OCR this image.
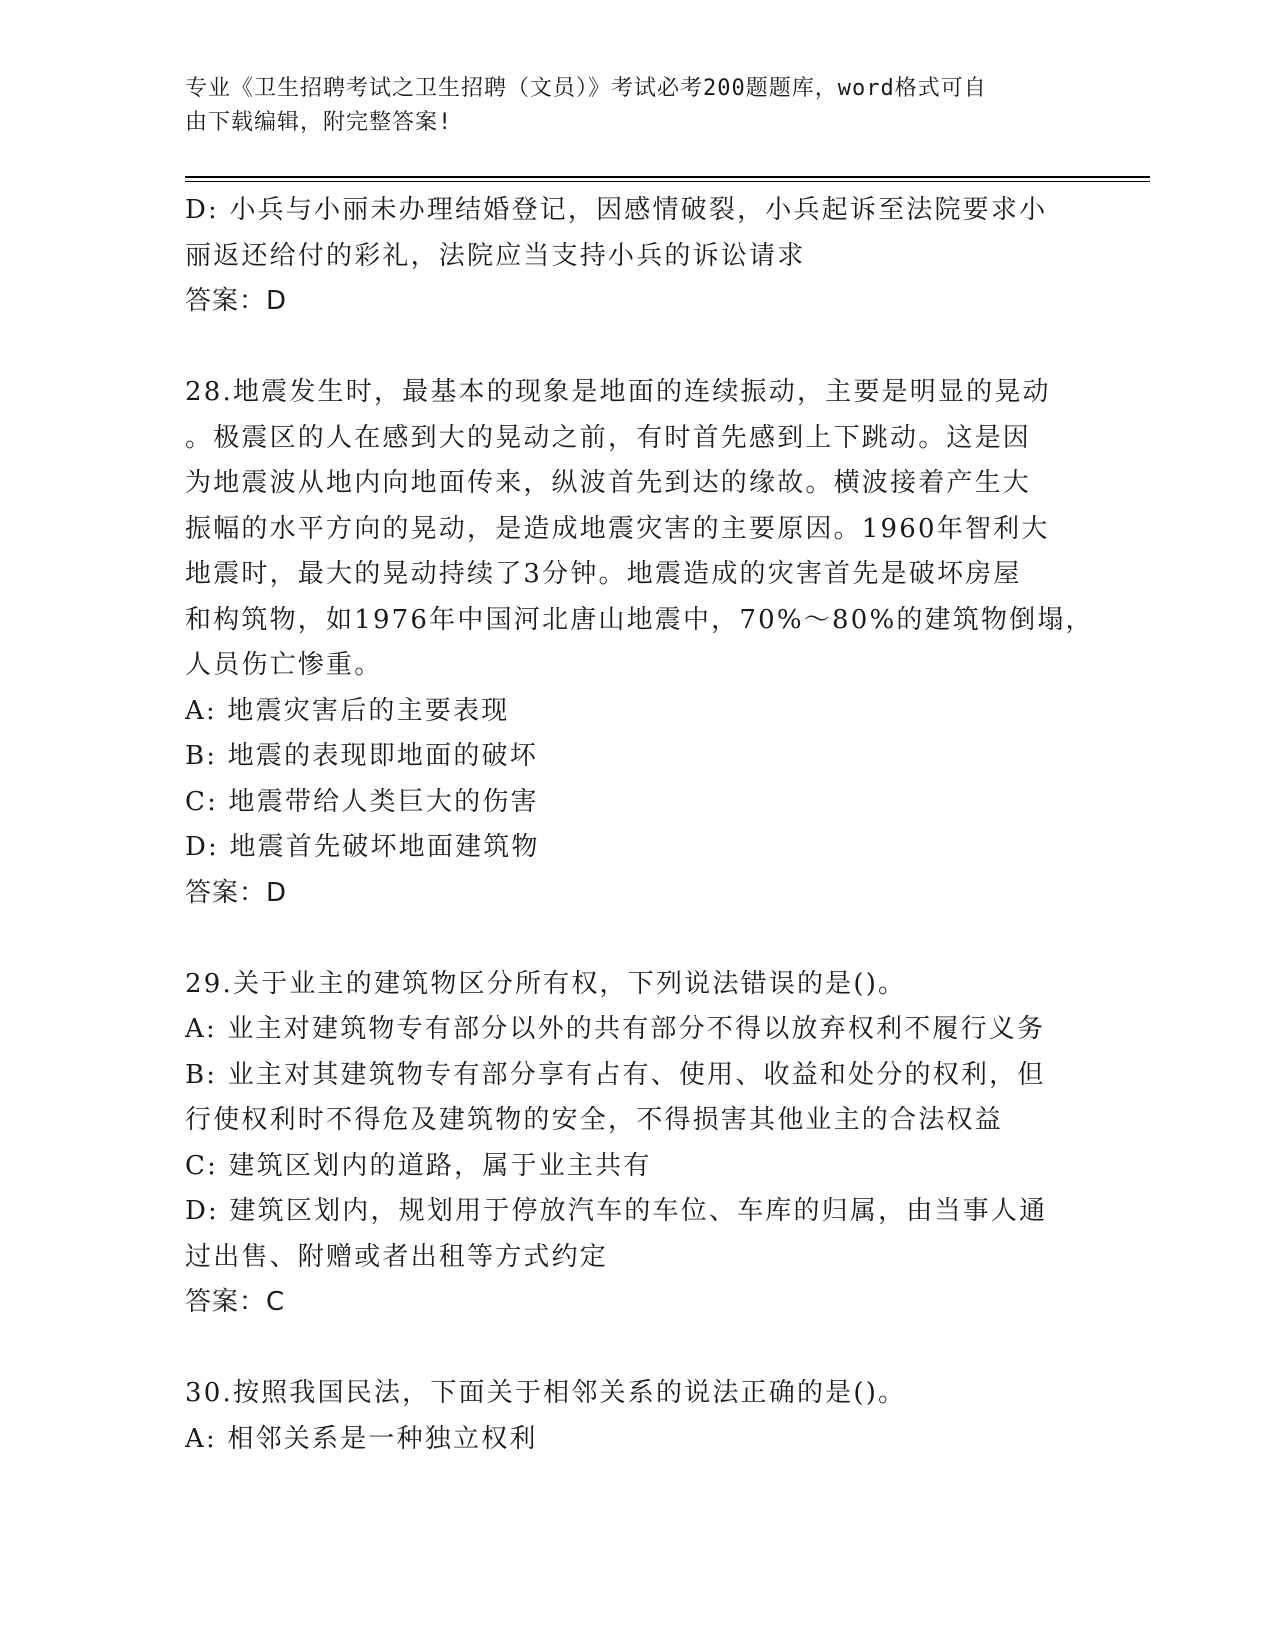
专业《卫生招聘考试之卫生招聘（文员）》考试必考200题题库，word格式可自
由下载编辑，附完整答案!
D: 小兵与小丽未办理结婚登记，因感情破裂，小兵起诉至法院要求小
丽返还给付的彩礼，法院应当支持小兵的诉讼请求
答案：D
28.地震发生时，最基本的现象是地面的连续振动，主要是明显的晃动
。极震区的人在感到大的晃动之前，有时首先感到上下跳动。这是因
为地震波从地内向地面传来，纵波首先到达的缘故。横波接着产生大
振幅的水平方向的晃动，是造成地震灾害的主要原因。1960年智利大
地震时，最大的晃动持续了3分钟。地震造成的灾害首先是破坏房屋
和构筑物，如1976年中国河北唐山地震中，70%～80%的建筑物倒塌，
人员伤亡惨重。
A: 地震灾害后的主要表现
B: 地震的表现即地面的破坏
C: 地震带给人类巨大的伤害
D: 地震首先破坏地面建筑物
答案：D
29.关于业主的建筑物区分所有权，下列说法错误的是()。
A: 业主对建筑物专有部分以外的共有部分不得以放弃权利不履行义务
B: 业主对其建筑物专有部分享有占有、使用、收益和处分的权利，但
行使权利时不得危及建筑物的安全，不得损害其他业主的合法权益
C: 建筑区划内的道路，属于业主共有
D: 建筑区划内，规划用于停放汽车的车位、车库的归属，由当事人通
过出售、附赠或者出租等方式约定
答案：C
30.按照我国民法，下面关于相邻关系的说法正确的是()。
A: 相邻关系是一种独立权利
